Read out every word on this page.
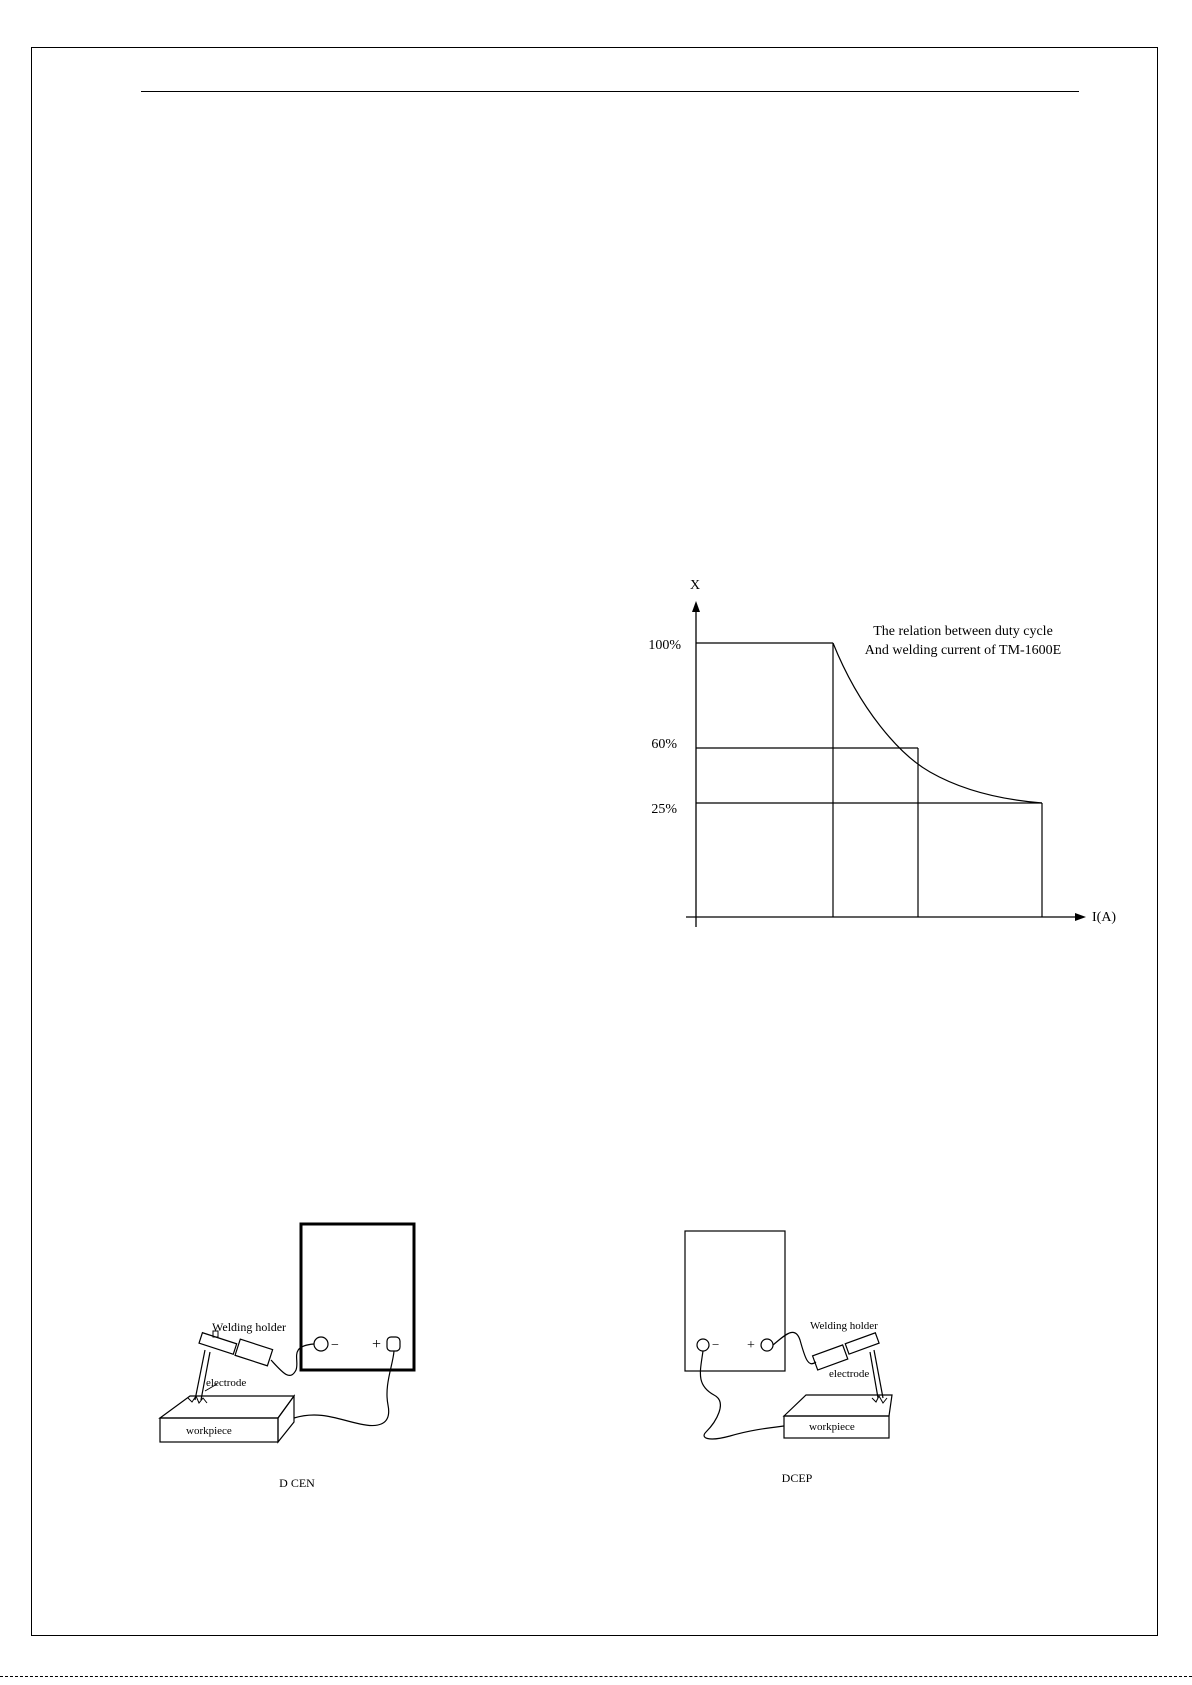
X
I(A)
100%
60%
25%
The relation between duty cycle
And welding current of TM-1600E
− +
Welding holder
electrode
workpiece
D CEN
− +
Welding holder
electrode
workpiece
DCEP
